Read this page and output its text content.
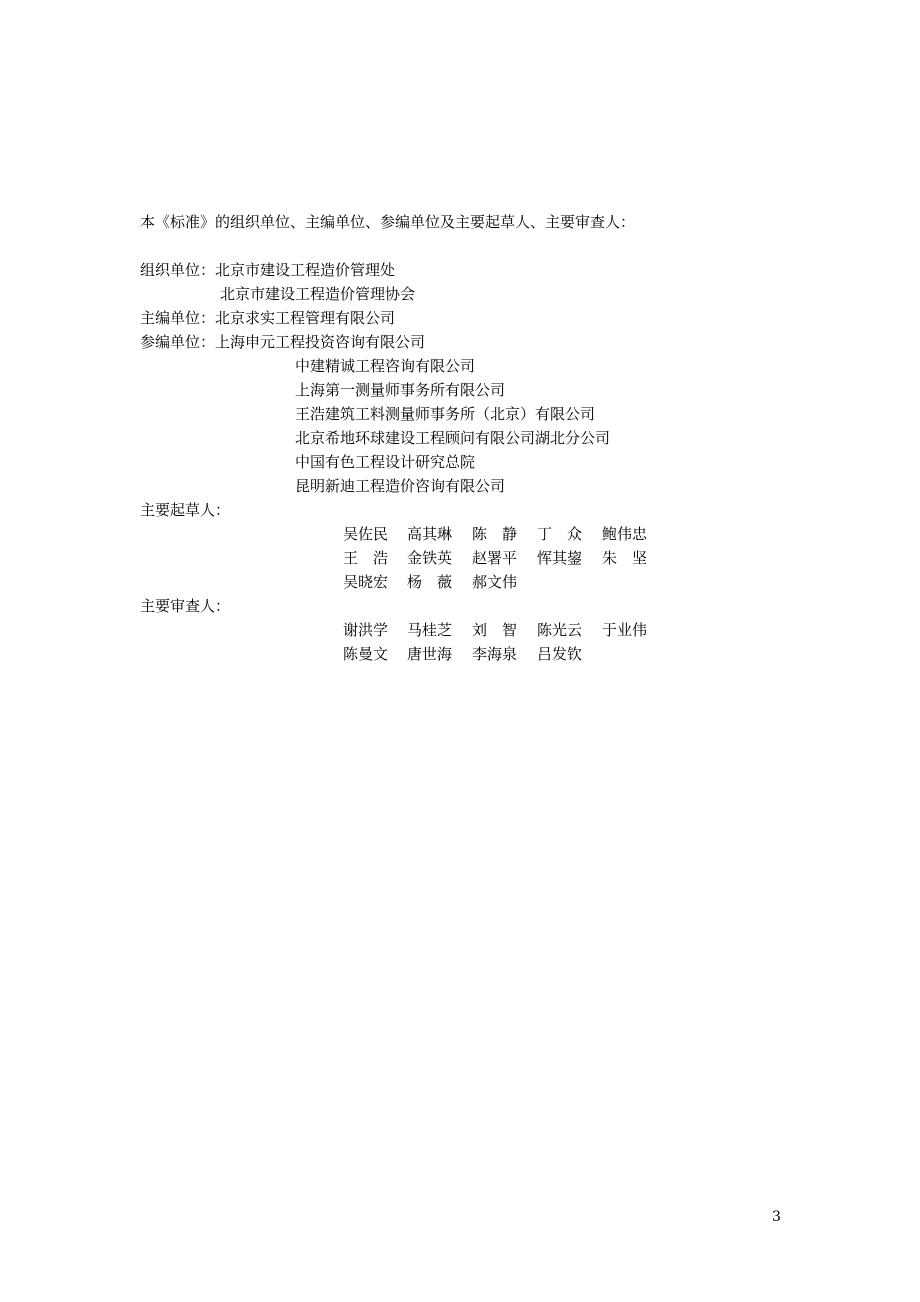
本《标准》的组织单位、主编单位、参编单位及主要起草人、主要审查人：
组织单位：北京市建设工程造价管理处
北京市建设工程造价管理协会
主编单位：北京求实工程管理有限公司
参编单位：上海申元工程投资咨询有限公司
中建精诚工程咨询有限公司
上海第一测量师事务所有限公司
王浩建筑工料测量师事务所（北京）有限公司
北京希地环球建设工程顾问有限公司湖北分公司
中国有色工程设计研究总院
昆明新迪工程造价咨询有限公司
主要起草人：
吴佐民 高其琳 陈　静 丁　众 鲍伟忠
王　浩 金铁英 赵署平 恽其鋆 朱　坚
吴晓宏 杨　薇 郝文伟
主要审查人：
谢洪学 马桂芝 刘　智 陈光云 于业伟
陈曼文 唐世海 李海泉 吕发钦
3
